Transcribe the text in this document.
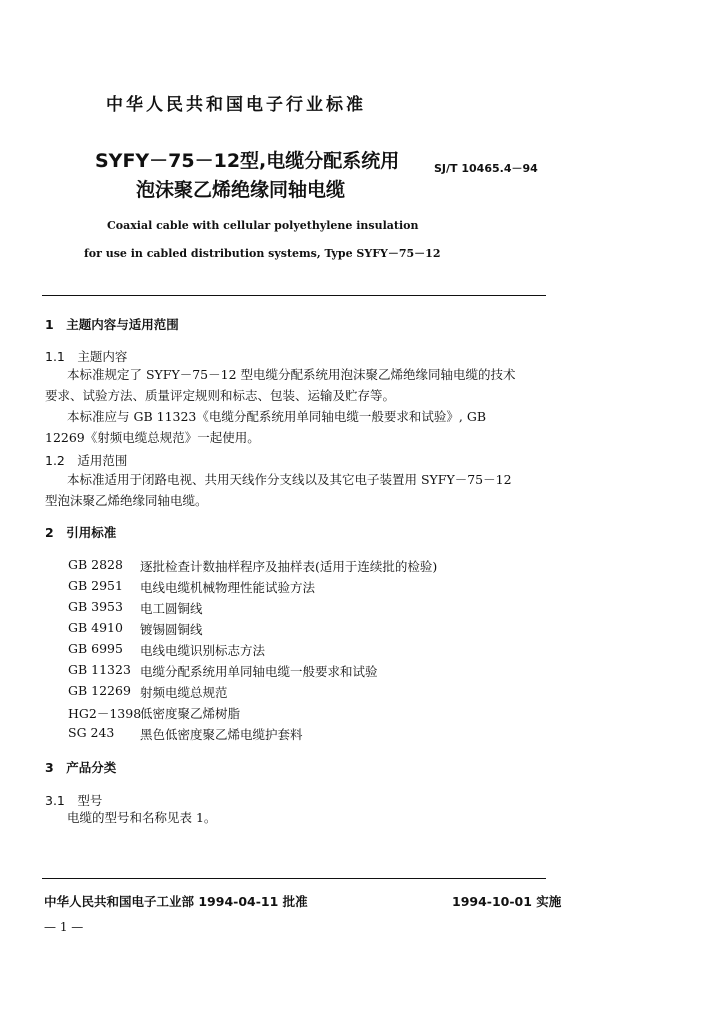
中华人民共和国电子行业标准
SYFY－75－12型,电缆分配系统用
泡沫聚乙烯绝缘同轴电缆
SJ/T 10465.4－94
Coaxial cable with cellular polyethylene insulation
for use in cabled distribution systems, Type SYFY－75－12
1　主题内容与适用范围
1.1　主题内容
本标准规定了 SYFY－75－12 型电缆分配系统用泡沫聚乙烯绝缘同轴电缆的技术要求、试验方法、质量评定规则和标志、包装、运输及贮存等。
本标准应与 GB 11323《电缆分配系统用单同轴电缆一般要求和试验》, GB 12269《射频电缆总规范》一起使用。
1.2　适用范围
本标准适用于闭路电视、共用天线作分支线以及其它电子装置用 SYFY－75－12 型泡沫聚乙烯绝缘同轴电缆。
2　引用标准
GB 2828 逐批检查计数抽样程序及抽样表(适用于连续批的检验)
GB 2951 电线电缆机械物理性能试验方法
GB 3953 电工圆铜线
GB 4910 镀锡圆铜线
GB 6995 电线电缆识别标志方法
GB 11323 电缆分配系统用单同轴电缆一般要求和试验
GB 12269 射频电缆总规范
HG2－1398
低密度聚乙烯树脂
SG 243 黑色低密度聚乙烯电缆护套料
3　产品分类
3.1　型号
电缆的型号和名称见表 1。
中华人民共和国电子工业部 1994-04-11 批准	1994-10-01 实施
— 1 —
